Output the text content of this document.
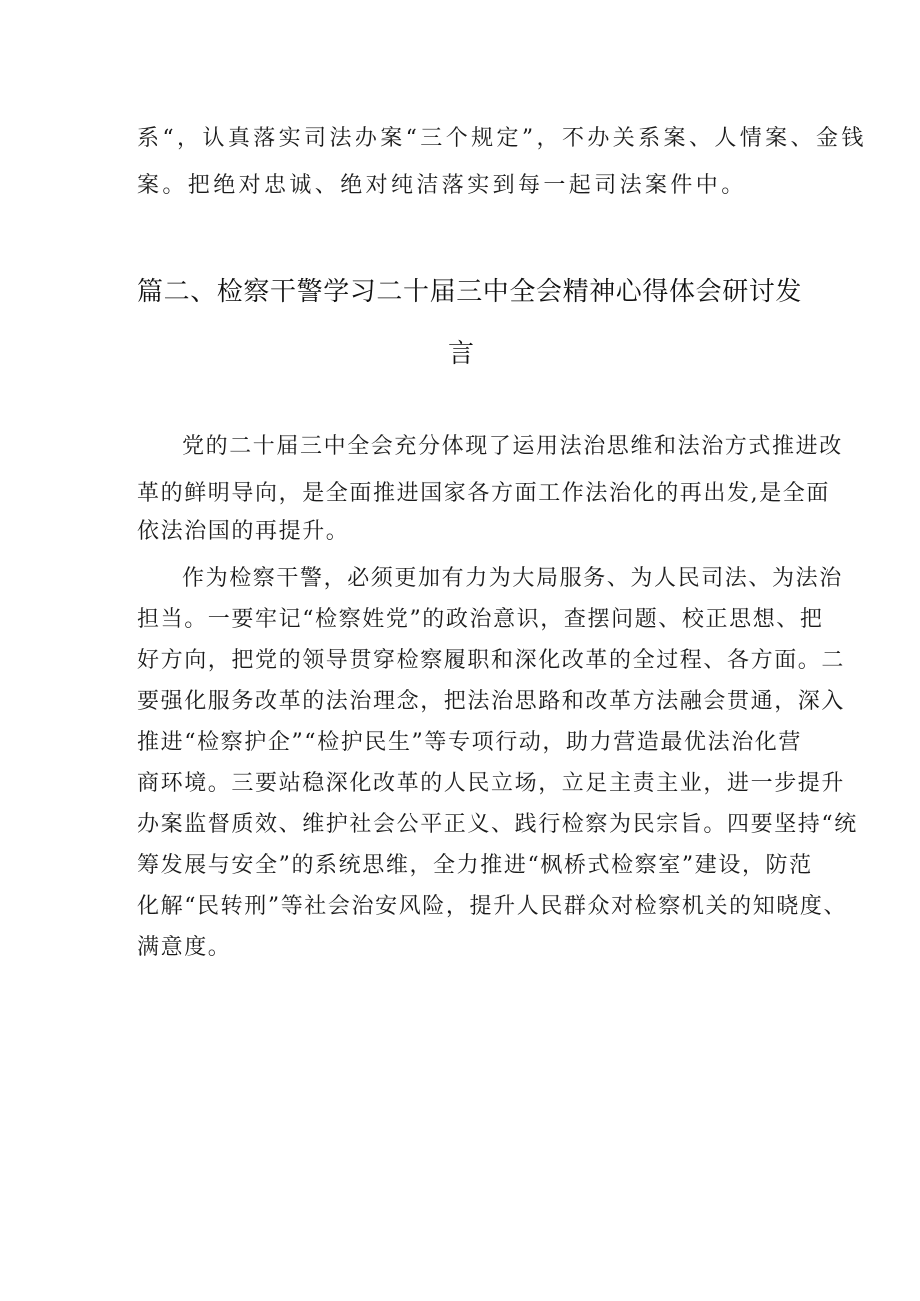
系“，认真落实司法办案“三个规定”，不办关系案、人情案、金钱
案。把绝对忠诚、绝对纯洁落实到每一起司法案件中。
篇二、检察干警学习二十届三中全会精神心得体会研讨发
言
党的二十届三中全会充分体现了运用法治思维和法治方式推进改
革的鲜明导向，是全面推进国家各方面工作法治化的再出发,是全面
依法治国的再提升。
作为检察干警，必须更加有力为大局服务、为人民司法、为法治
担当。一要牢记“检察姓党”的政治意识，查摆问题、校正思想、把
好方向，把党的领导贯穿检察履职和深化改革的全过程、各方面。二
要强化服务改革的法治理念，把法治思路和改革方法融会贯通，深入
推进“检察护企”“检护民生”等专项行动，助力营造最优法治化营
商环境。三要站稳深化改革的人民立场，立足主责主业，进一步提升
办案监督质效、维护社会公平正义、践行检察为民宗旨。四要坚持“统
筹发展与安全”的系统思维，全力推进“枫桥式检察室”建设，防范
化解“民转刑”等社会治安风险，提升人民群众对检察机关的知晓度、
满意度。
